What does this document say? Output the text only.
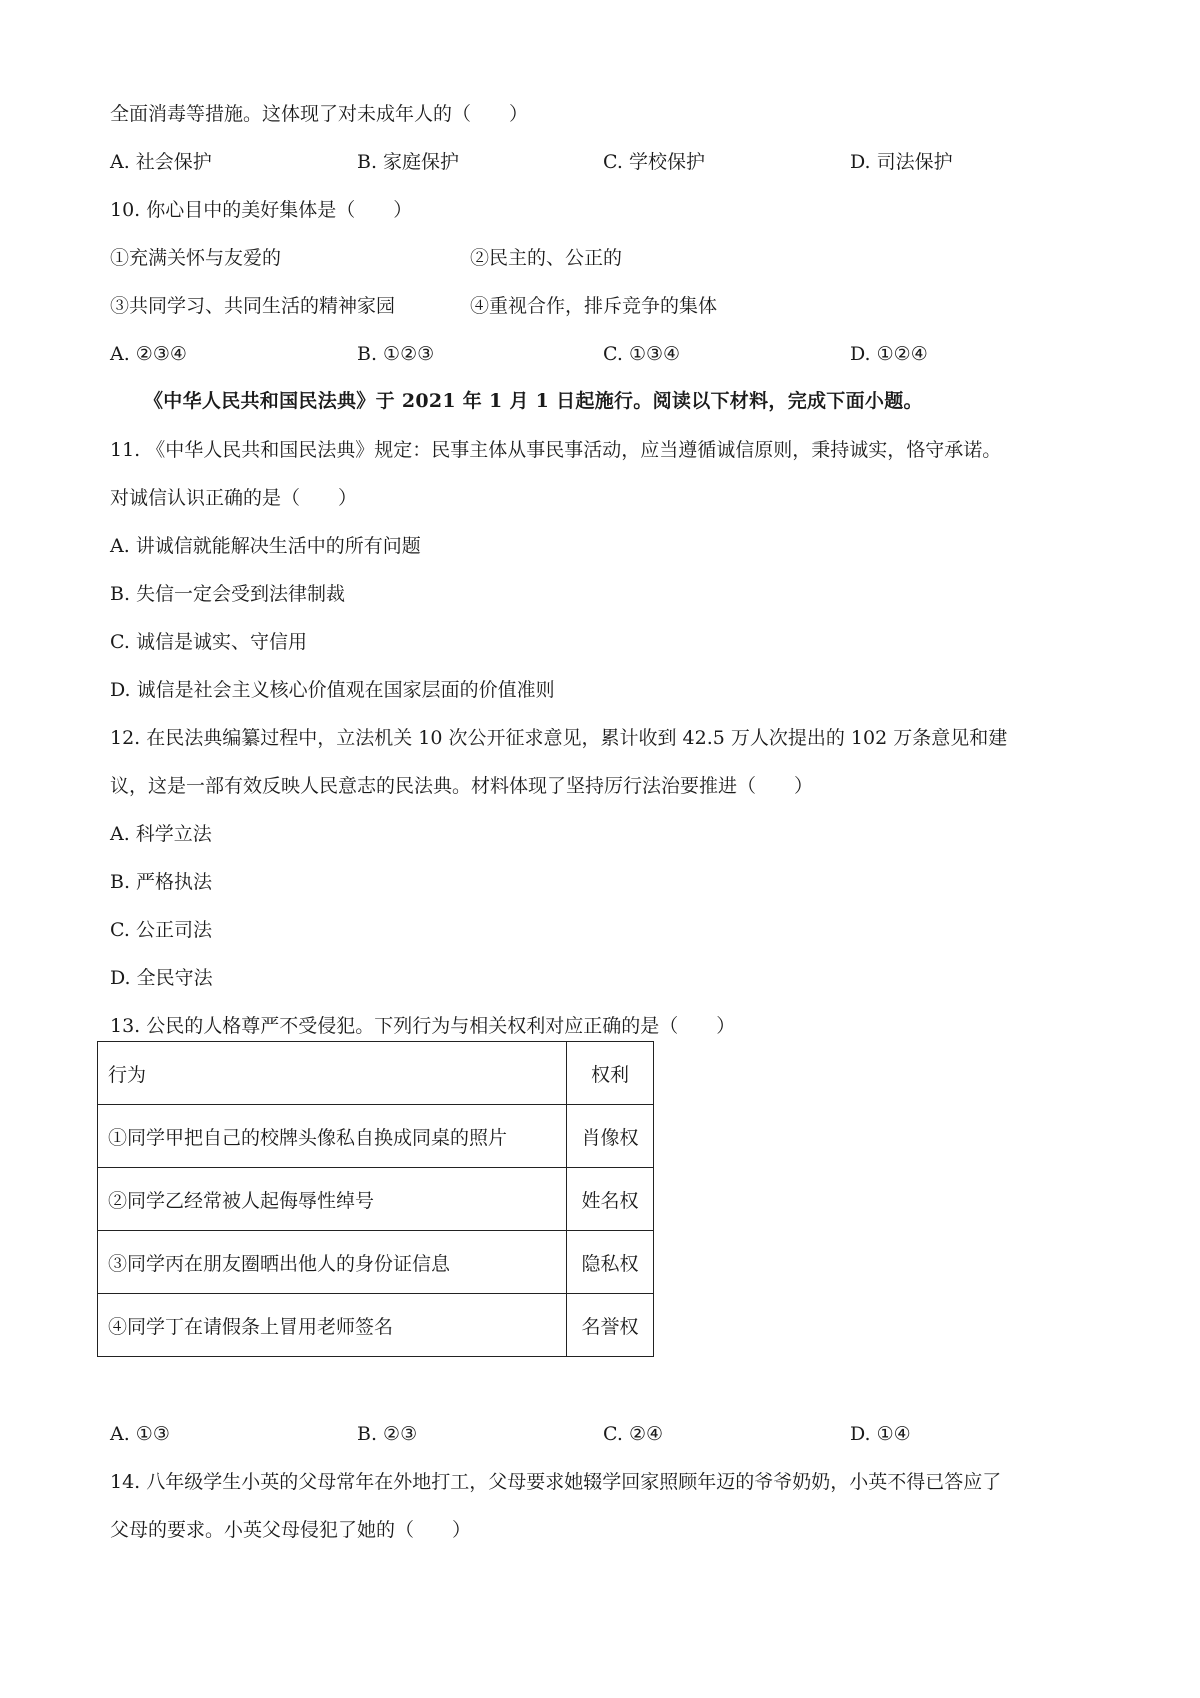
全面消毒等措施。这体现了对未成年人的（　　）
A. 社会保护	B. 家庭保护	C. 学校保护	D. 司法保护
10. 你心目中的美好集体是（　　）
①充满关怀与友爱的	②民主的、公正的
③共同学习、共同生活的精神家园	④重视合作，排斥竞争的集体
A. ②③④	B. ①②③	C. ①③④	D. ①②④
《中华人民共和国民法典》于 2021 年 1 月 1 日起施行。阅读以下材料，完成下面小题。
11. 《中华人民共和国民法典》规定：民事主体从事民事活动，应当遵循诚信原则，秉持诚实，恪守承诺。
对诚信认识正确的是（　　）
A. 讲诚信就能解决生活中的所有问题
B. 失信一定会受到法律制裁
C. 诚信是诚实、守信用
D. 诚信是社会主义核心价值观在国家层面的价值准则
12. 在民法典编纂过程中，立法机关 10 次公开征求意见，累计收到 42.5 万人次提出的 102 万条意见和建
议，这是一部有效反映人民意志的民法典。材料体现了坚持厉行法治要推进（　　）
A. 科学立法
B. 严格执法
C. 公正司法
D. 全民守法
13. 公民的人格尊严不受侵犯。下列行为与相关权利对应正确的是（　　）
行为	权利
①同学甲把自己的校牌头像私自换成同桌的照片	肖像权
②同学乙经常被人起侮辱性绰号	姓名权
③同学丙在朋友圈晒出他人的身份证信息	隐私权
④同学丁在请假条上冒用老师签名	名誉权
A. ①③	B. ②③	C. ②④	D. ①④
14. 八年级学生小英的父母常年在外地打工，父母要求她辍学回家照顾年迈的爷爷奶奶，小英不得已答应了
父母的要求。小英父母侵犯了她的（　　）
